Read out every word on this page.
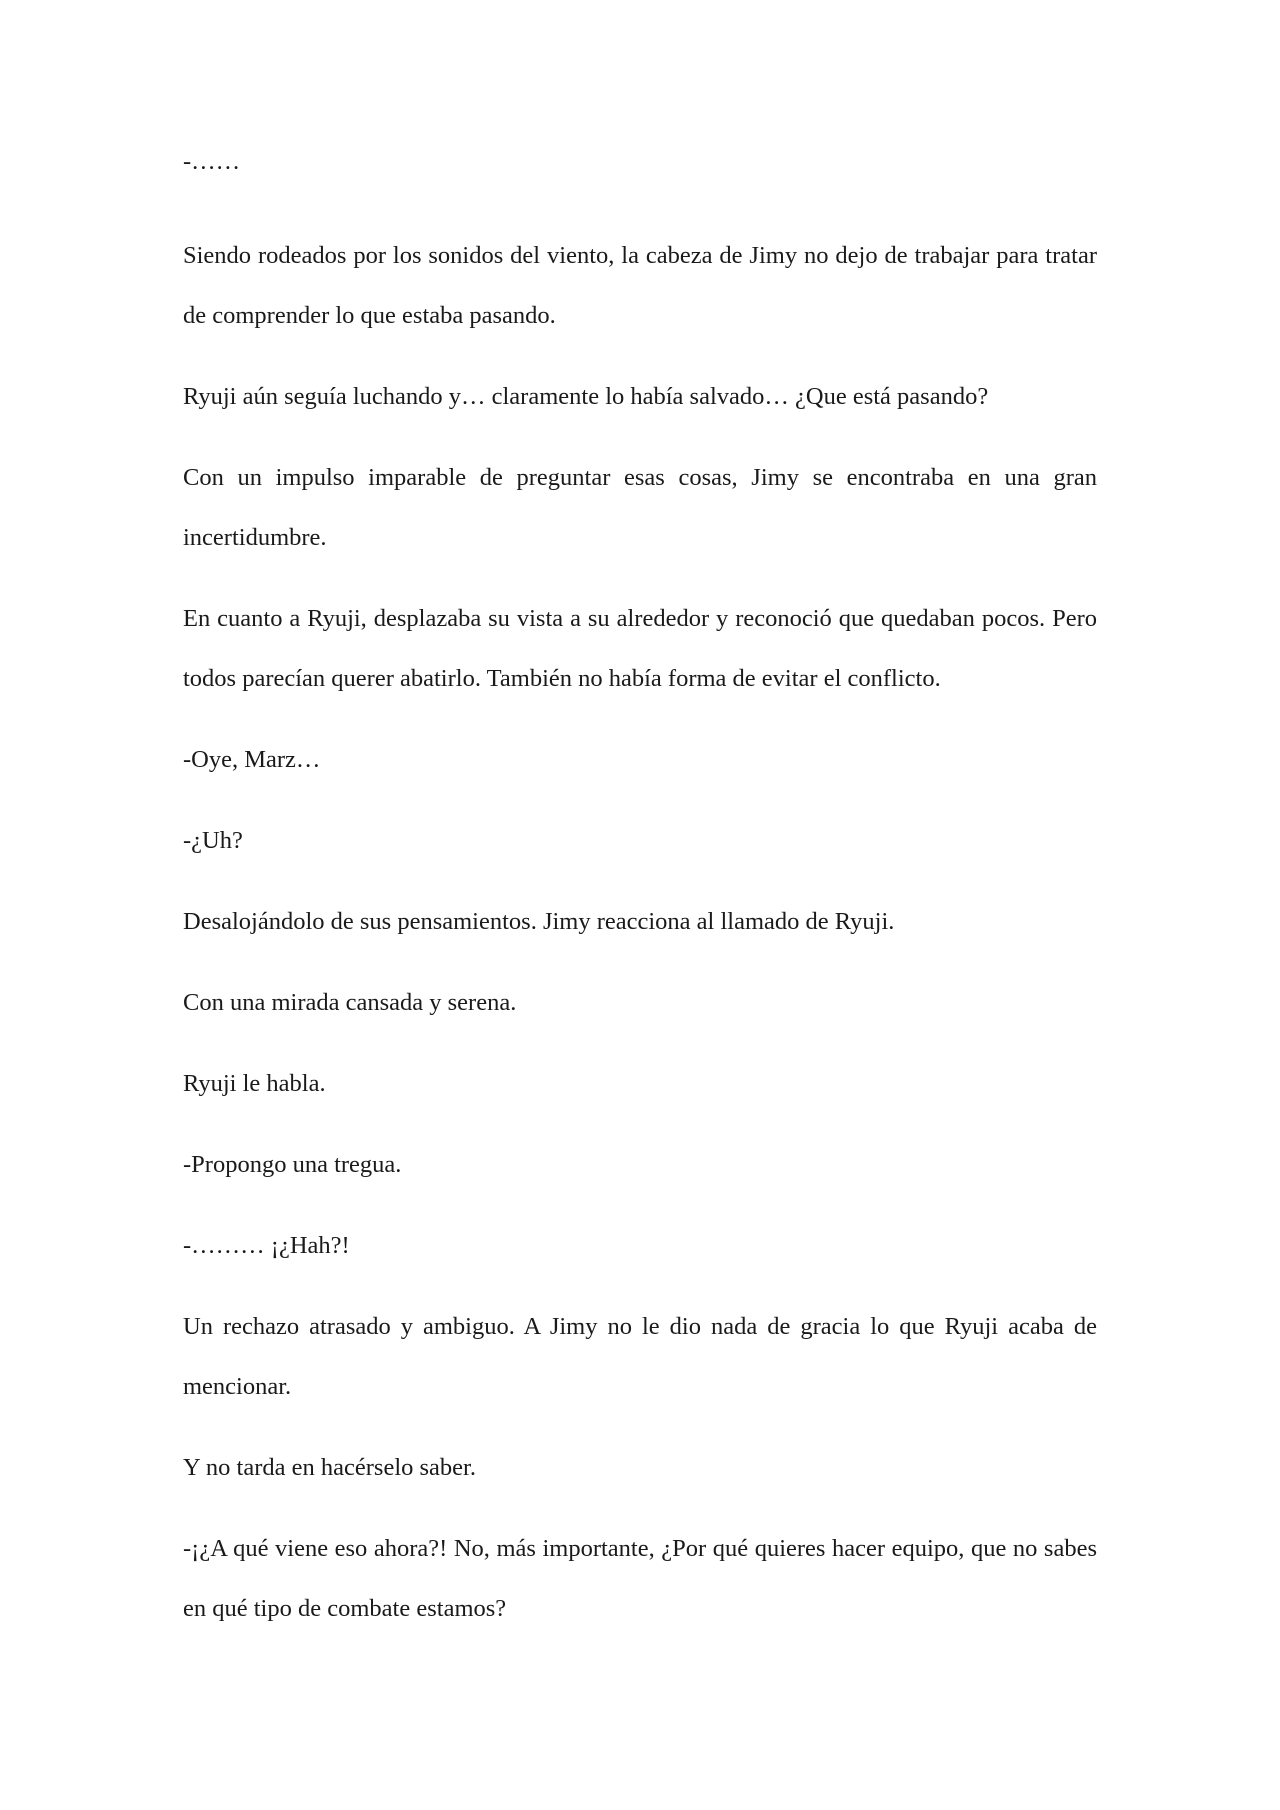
-……

Siendo rodeados por los sonidos del viento, la cabeza de Jimy no dejo de trabajar para tratar de comprender lo que estaba pasando.

Ryuji aún seguía luchando y… claramente lo había salvado… ¿Que está pasando?

Con un impulso imparable de preguntar esas cosas, Jimy se encontraba en una gran incertidumbre.

En cuanto a Ryuji, desplazaba su vista a su alrededor y reconoció que quedaban pocos. Pero todos parecían querer abatirlo. También no había forma de evitar el conflicto.

-Oye, Marz…

-¿Uh?

Desalojándolo de sus pensamientos. Jimy reacciona al llamado de Ryuji.

Con una mirada cansada y serena.

Ryuji le habla.

-Propongo una tregua.

-……… ¡¿Hah?!

Un rechazo atrasado y ambiguo. A Jimy no le dio nada de gracia lo que Ryuji acaba de mencionar.

Y no tarda en hacérselo saber.

-¡¿A qué viene eso ahora?! No, más importante, ¿Por qué quieres hacer equipo, que no sabes en qué tipo de combate estamos?
